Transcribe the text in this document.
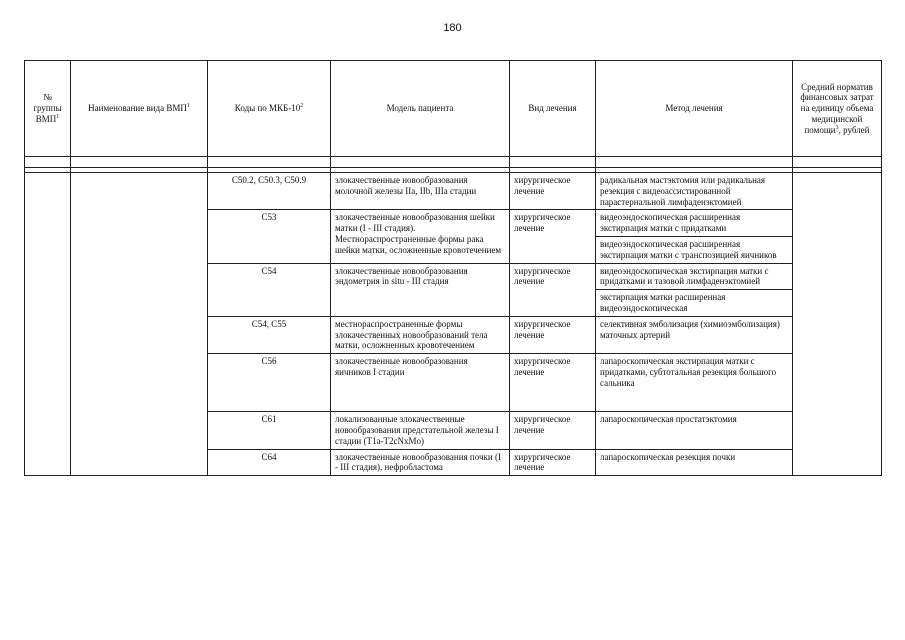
180
№ группы ВМП$^1$	Наименование вида ВМП$^1$	Коды по МКБ-$10^2$	Модель пациента	Вид лечения	Метод лечения	Средний норматив финансовых затрат на единицу объема медицинской помощи$^3$, рублей

		C50.2, C50.3, C50.9	злокачественные новообразования молочной железы IIa, IIb, IIIa стадии	хирургическое лечение	радикальная мастэктомия или радикальная резекция с видеоассистированной парастернальной лимфаденэктомией	
		C53	злокачественные новообразования шейки матки (I - III стадия). Местнораспространенные формы рака шейки матки, осложненные кровотечением	хирургическое лечение	видеоэндоскопическая расширенная экстирпация матки с придатками	
					видеоэндоскопическая расширенная экстирпация матки с транспозицией яичников	
		C54	злокачественные новообразования эндометрия in situ - III стадия	хирургическое лечение	видеоэндоскопическая экстирпация матки с придатками и тазовой лимфаденэктомией	
					экстирпация матки расширенная видеоэндоскопическая	
		C54, C55	местнораспространенные формы злокачественных новообразований тела матки, осложненных кровотечением	хирургическое лечение	селективная эмболизация (химиоэмболизация) маточных артерий	
		C56	злокачественные новообразования яичников I стадии	хирургическое лечение	лапароскопическая экстирпация матки с придатками, субтотальная резекция большого сальника	
		C61	локализованные злокачественные новообразования предстательной железы I стадии (T1a-T2cNxMo)	хирургическое лечение	лапароскопическая простатэктомия	
		C64	злокачественные новообразования почки (I - III стадия), нефробластома	хирургическое лечение	лапароскопическая резекция почки	
